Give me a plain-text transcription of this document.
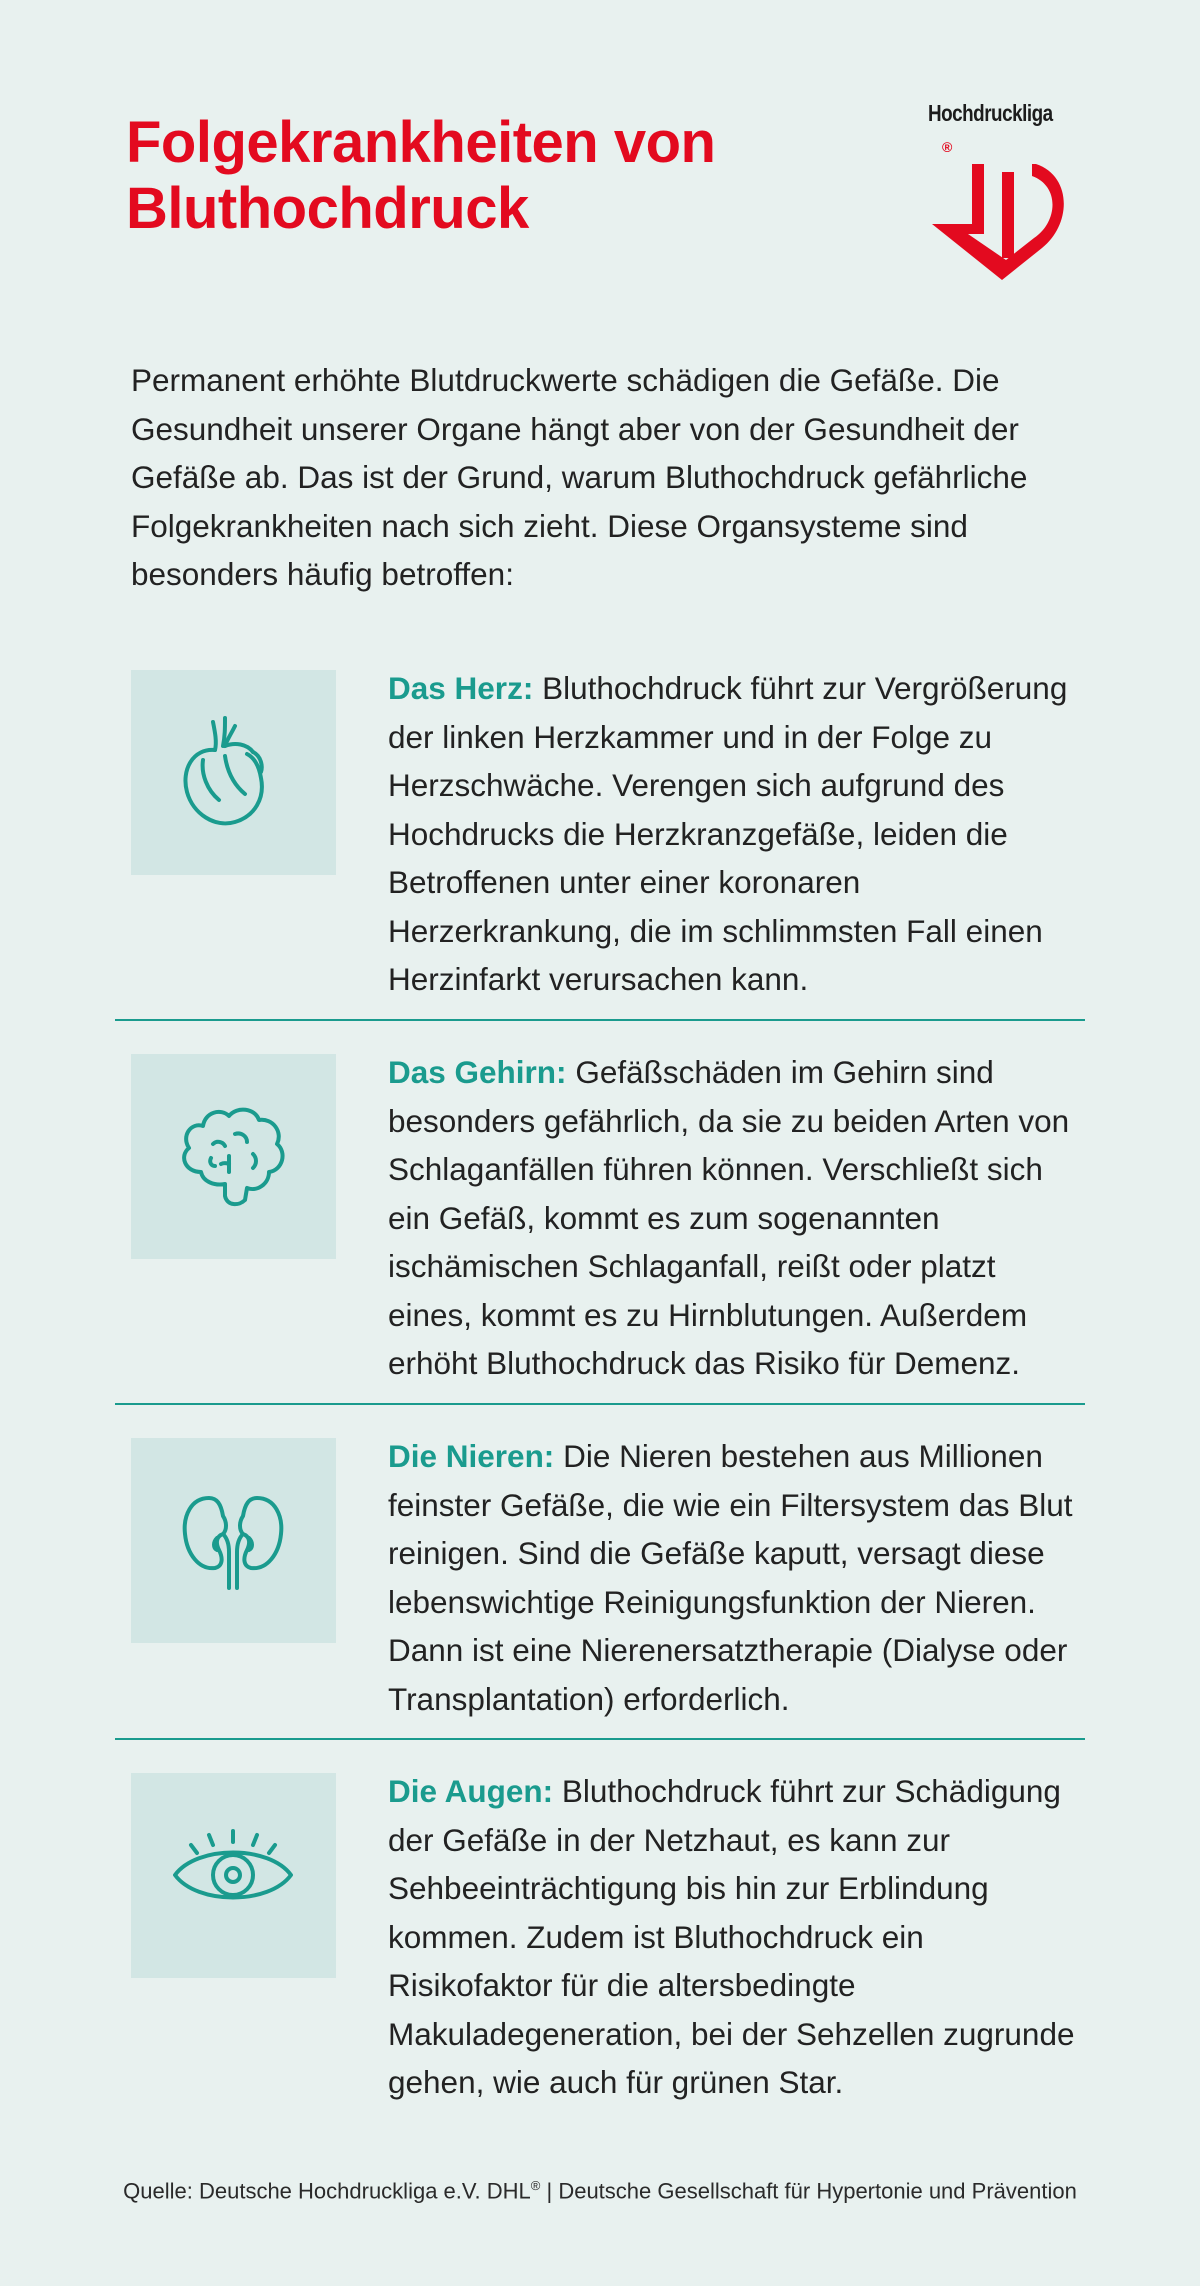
Folgekrankheiten von
Bluthochdruck
Hochdruckliga
®

Permanent erhöhte Blutdruckwerte schädigen die Gefäße. Die Gesundheit unserer Organe hängt aber von der Gesundheit der Gefäße ab. Das ist der Grund, warum Bluthochdruck gefährliche Folgekrankheiten nach sich zieht. Diese Organsysteme sind besonders häufig betroffen:

Das Herz: Bluthochdruck führt zur Vergrößerung der linken Herzkammer und in der Folge zu Herzschwäche. Verengen sich aufgrund des Hochdrucks die Herzkranzgefäße, leiden die Betroffenen unter einer koronaren Herzerkrankung, die im schlimmsten Fall einen Herzinfarkt verursachen kann.

Das Gehirn: Gefäßschäden im Gehirn sind besonders gefährlich, da sie zu beiden Arten von Schlaganfällen führen können. Verschließt sich ein Gefäß, kommt es zum sogenannten ischämischen Schlaganfall, reißt oder platzt eines, kommt es zu Hirnblutungen. Außerdem erhöht Bluthochdruck das Risiko für Demenz.

Die Nieren: Die Nieren bestehen aus Millionen feinster Gefäße, die wie ein Filtersystem das Blut reinigen. Sind die Gefäße kaputt, versagt diese lebenswichtige Reinigungsfunktion der Nieren. Dann ist eine Nierenersatztherapie (Dialyse oder Transplantation) erforderlich.

Die Augen: Bluthochdruck führt zur Schädigung der Gefäße in der Netzhaut, es kann zur Sehbeeinträchtigung bis hin zur Erblindung kommen. Zudem ist Bluthochdruck ein Risikofaktor für die altersbedingte Makuladegeneration, bei der Sehzellen zugrunde gehen, wie auch für grünen Star.

Quelle: Deutsche Hochdruckliga e.V. DHL® | Deutsche Gesellschaft für Hypertonie und Prävention
